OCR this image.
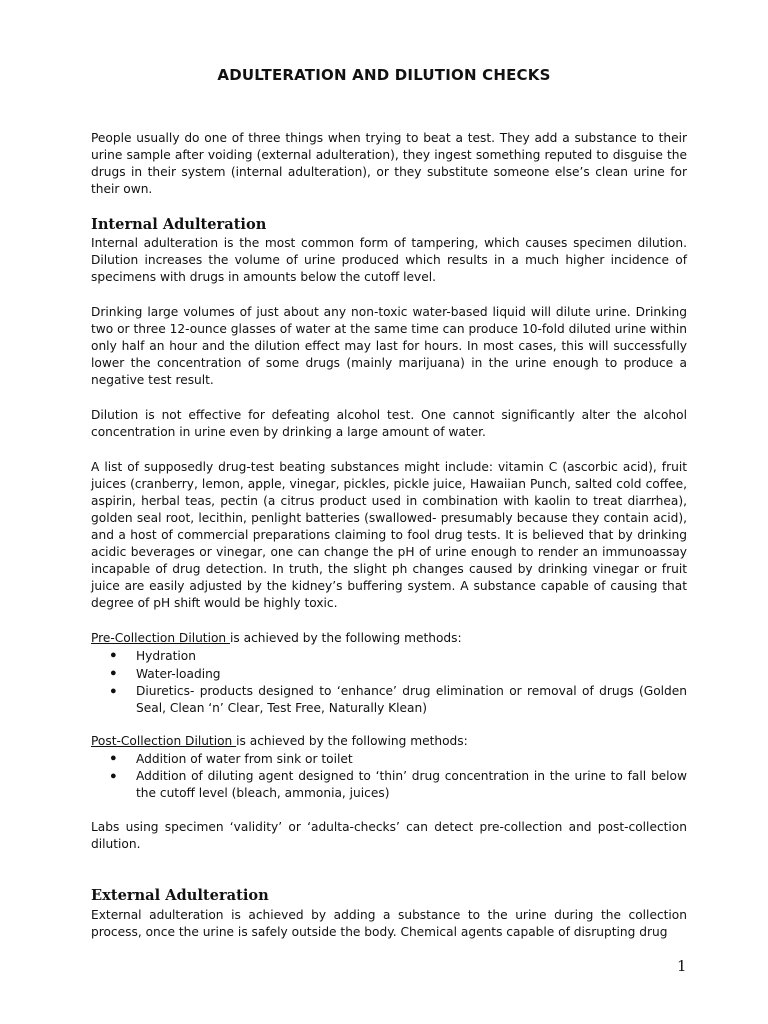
ADULTERATION AND DILUTION CHECKS

People usually do one of three things when trying to beat a test. They add a substance to their urine sample after voiding (external adulteration), they ingest something reputed to disguise the drugs in their system (internal adulteration), or they substitute someone else’s clean urine for their own.

Internal Adulteration

Internal adulteration is the most common form of tampering, which causes specimen dilution. Dilution increases the volume of urine produced which results in a much higher incidence of specimens with drugs in amounts below the cutoff level.

Drinking large volumes of just about any non-toxic water-based liquid will dilute urine. Drinking two or three 12-ounce glasses of water at the same time can produce 10-fold diluted urine within only half an hour and the dilution effect may last for hours. In most cases, this will successfully lower the concentration of some drugs (mainly marijuana) in the urine enough to produce a negative test result.

Dilution is not effective for defeating alcohol test. One cannot significantly alter the alcohol concentration in urine even by drinking a large amount of water.

A list of supposedly drug-test beating substances might include: vitamin C (ascorbic acid), fruit juices (cranberry, lemon, apple, vinegar, pickles, pickle juice, Hawaiian Punch, salted cold coffee, aspirin, herbal teas, pectin (a citrus product used in combination with kaolin to treat diarrhea), golden seal root, lecithin, penlight batteries (swallowed- presumably because they contain acid), and a host of commercial preparations claiming to fool drug tests. It is believed that by drinking acidic beverages or vinegar, one can change the pH of urine enough to render an immunoassay incapable of drug detection. In truth, the slight ph changes caused by drinking vinegar or fruit juice are easily adjusted by the kidney’s buffering system. A substance capable of causing that degree of pH shift would be highly toxic.

Pre-Collection Dilution is achieved by the following methods:

● Hydration
● Water-loading
● Diuretics- products designed to ‘enhance’ drug elimination or removal of drugs (Golden Seal, Clean ‘n’ Clear, Test Free, Naturally Klean)

Post-Collection Dilution is achieved by the following methods:

● Addition of water from sink or toilet
● Addition of diluting agent designed to ‘thin’ drug concentration in the urine to fall below the cutoff level (bleach, ammonia, juices)

Labs using specimen ‘validity’ or ‘adulta-checks’ can detect pre-collection and post-collection dilution.

External Adulteration

External adulteration is achieved by adding a substance to the urine during the collection process, once the urine is safely outside the body. Chemical agents capable of disrupting drug

1
